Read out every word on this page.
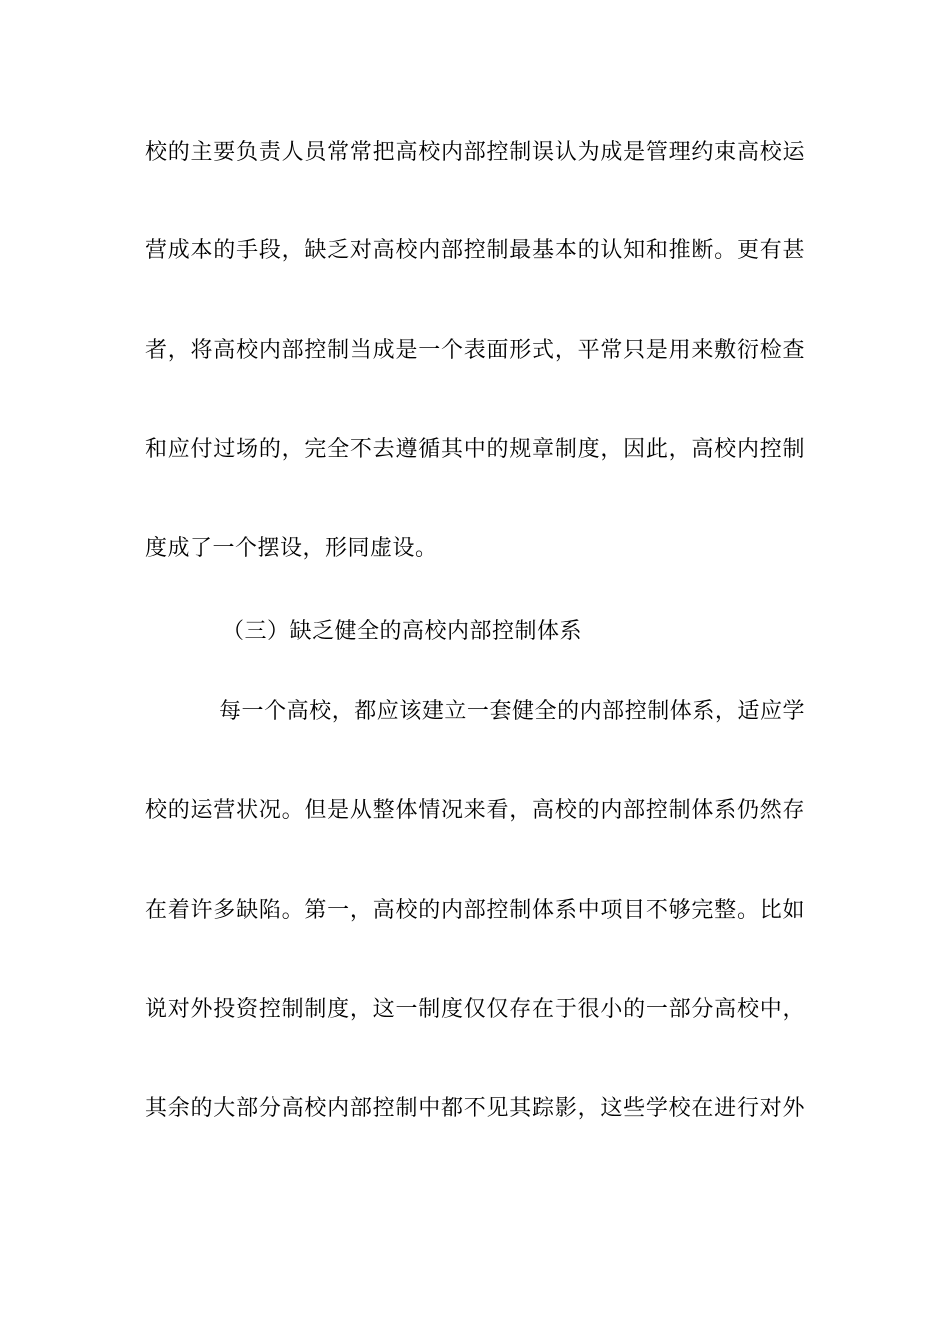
校的主要负责人员常常把高校内部控制误认为成是管理约束高校运
营成本的手段，缺乏对高校内部控制最基本的认知和推断。更有甚
者，将高校内部控制当成是一个表面形式，平常只是用来敷衍检查
和应付过场的，完全不去遵循其中的规章制度，因此，高校内控制
度成了一个摆设，形同虚设。
（三）缺乏健全的高校内部控制体系
每一个高校，都应该建立一套健全的内部控制体系，适应学
校的运营状况。但是从整体情况来看，高校的内部控制体系仍然存
在着许多缺陷。第一，高校的内部控制体系中项目不够完整。比如
说对外投资控制制度，这一制度仅仅存在于很小的一部分高校中，
其余的大部分高校内部控制中都不见其踪影，这些学校在进行对外
